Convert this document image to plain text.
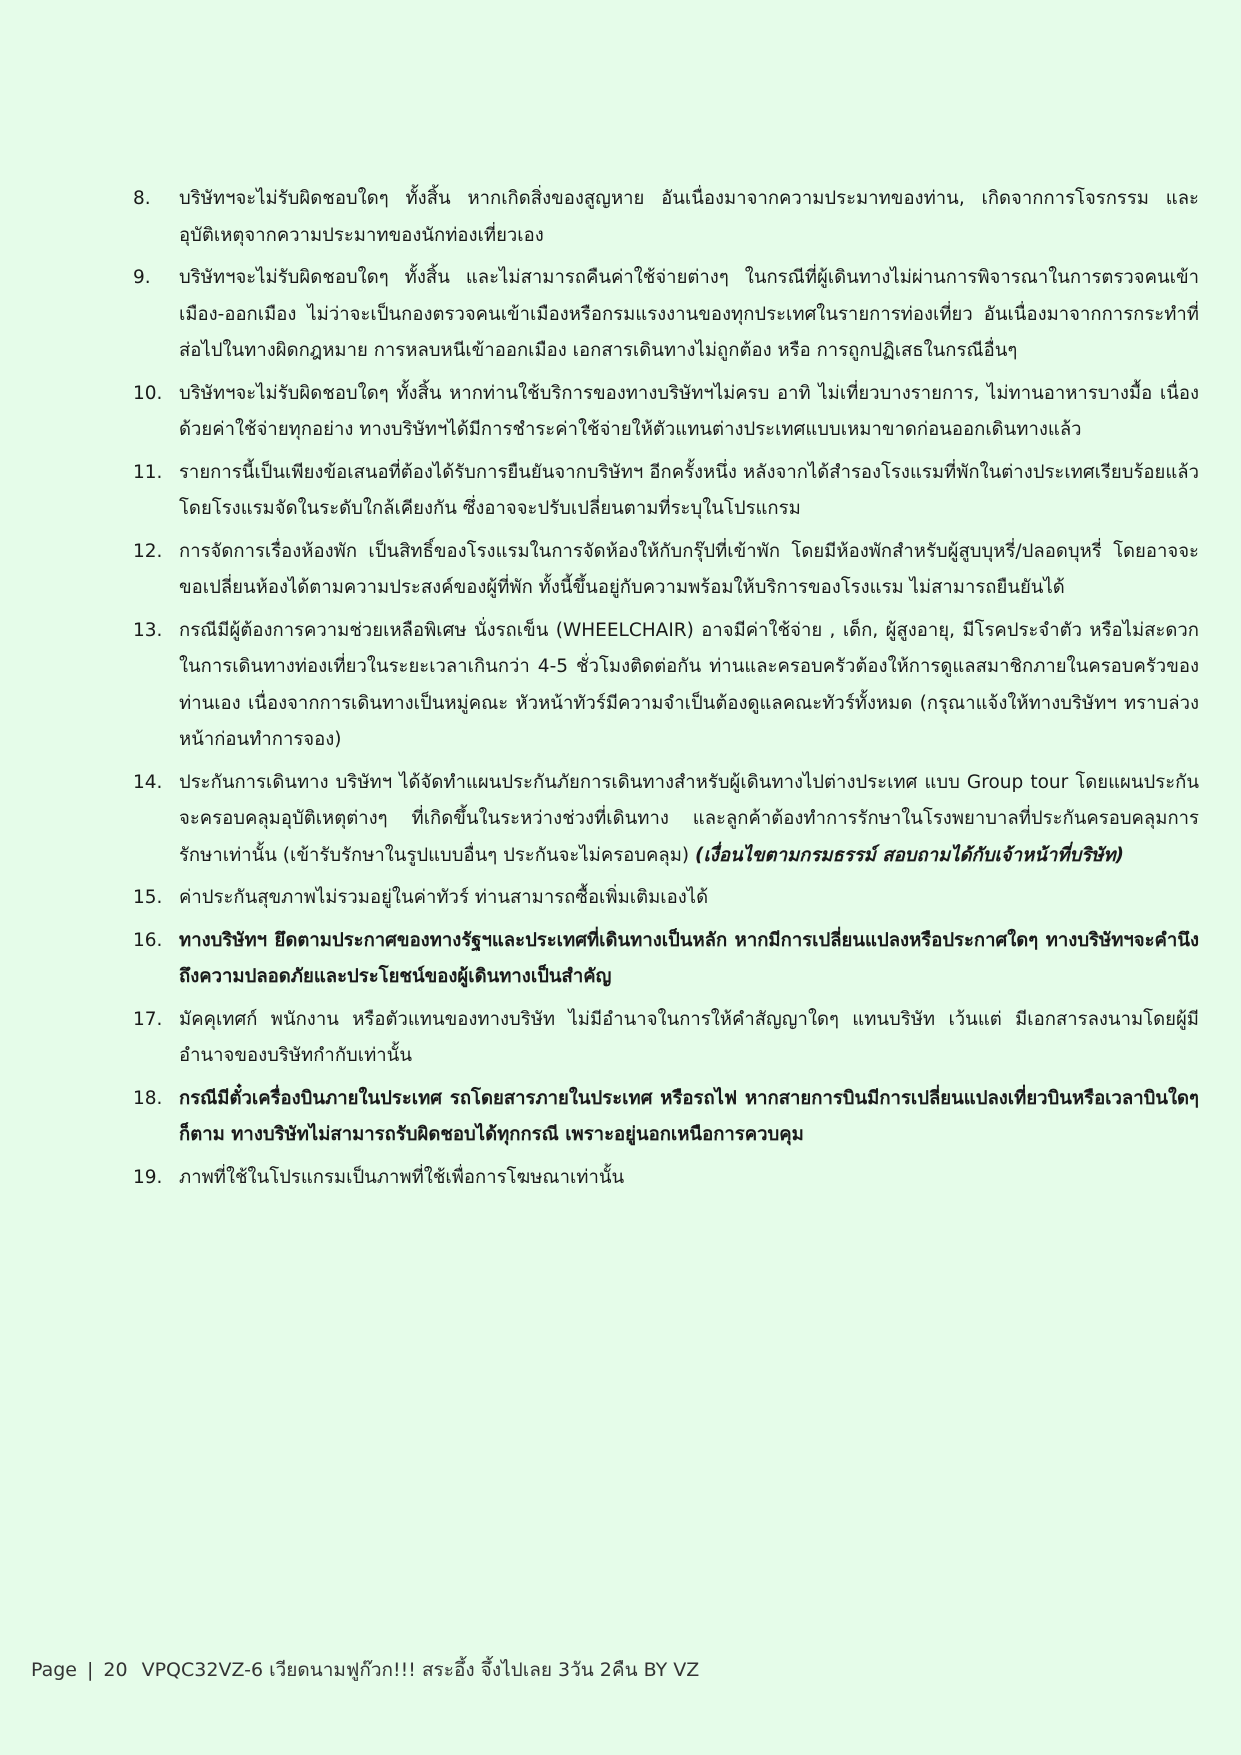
8.	บริษัทฯจะไม่รับผิดชอบใดๆ ทั้งสิ้น หากเกิดสิ่งของสูญหาย อันเนื่องมาจากความประมาทของท่าน, เกิดจากการโจรกรรม และ อุบัติเหตุจากความประมาทของนักท่องเที่ยวเอง
9.	บริษัทฯจะไม่รับผิดชอบใดๆ ทั้งสิ้น และไม่สามารถคืนค่าใช้จ่ายต่างๆ ในกรณีที่ผู้เดินทางไม่ผ่านการพิจารณาในการตรวจคนเข้าเมือง-ออกเมือง ไม่ว่าจะเป็นกองตรวจคนเข้าเมืองหรือกรมแรงงานของทุกประเทศในรายการท่องเที่ยว อันเนื่องมาจากการกระทำที่ส่อไปในทางผิดกฎหมาย การหลบหนีเข้าออกเมือง เอกสารเดินทางไม่ถูกต้อง หรือ การถูกปฏิเสธในกรณีอื่นๆ
10. บริษัทฯจะไม่รับผิดชอบใดๆ ทั้งสิ้น หากท่านใช้บริการของทางบริษัทฯไม่ครบ อาทิ ไม่เที่ยวบางรายการ, ไม่ทานอาหารบางมื้อ เนื่องด้วยค่าใช้จ่ายทุกอย่าง ทางบริษัทฯได้มีการชำระค่าใช้จ่ายให้ตัวแทนต่างประเทศแบบเหมาขาดก่อนออกเดินทางแล้ว
11. รายการนี้เป็นเพียงข้อเสนอที่ต้องได้รับการยืนยันจากบริษัทฯ อีกครั้งหนึ่ง หลังจากได้สำรองโรงแรมที่พักในต่างประเทศเรียบร้อยแล้ว โดยโรงแรมจัดในระดับใกล้เคียงกัน ซึ่งอาจจะปรับเปลี่ยนตามที่ระบุในโปรแกรม
12. การจัดการเรื่องห้องพัก เป็นสิทธิ์ของโรงแรมในการจัดห้องให้กับกรุ๊ปที่เข้าพัก โดยมีห้องพักสำหรับผู้สูบบุหรี่/ปลอดบุหรี่ โดยอาจจะขอเปลี่ยนห้องได้ตามความประสงค์ของผู้ที่พัก ทั้งนี้ขึ้นอยู่กับความพร้อมให้บริการของโรงแรม ไม่สามารถยืนยันได้
13. กรณีมีผู้ต้องการความช่วยเหลือพิเศษ นั่งรถเข็น (WHEELCHAIR) อาจมีค่าใช้จ่าย , เด็ก, ผู้สูงอายุ, มีโรคประจำตัว หรือไม่สะดวกในการเดินทางท่องเที่ยวในระยะเวลาเกินกว่า 4-5 ชั่วโมงติดต่อกัน ท่านและครอบครัวต้องให้การดูแลสมาชิกภายในครอบครัวของท่านเอง เนื่องจากการเดินทางเป็นหมู่คณะ หัวหน้าทัวร์มีความจำเป็นต้องดูแลคณะทัวร์ทั้งหมด (กรุณาแจ้งให้ทางบริษัทฯ ทราบล่วงหน้าก่อนทำการจอง)
14. ประกันการเดินทาง บริษัทฯ ได้จัดทำแผนประกันภัยการเดินทางสำหรับผู้เดินทางไปต่างประเทศ แบบ Group tour โดยแผนประกันจะครอบคลุมอุบัติเหตุต่างๆ ที่เกิดขึ้นในระหว่างช่วงที่เดินทาง และลูกค้าต้องทำการรักษาในโรงพยาบาลที่ประกันครอบคลุมการรักษาเท่านั้น (เข้ารับรักษาในรูปแบบอื่นๆ ประกันจะไม่ครอบคลุม) (เงื่อนไขตามกรมธรรม์ สอบถามได้กับเจ้าหน้าที่บริษัท)
15. ค่าประกันสุขภาพไม่รวมอยู่ในค่าทัวร์ ท่านสามารถซื้อเพิ่มเติมเองได้
16. ทางบริษัทฯ ยึดตามประกาศของทางรัฐฯและประเทศที่เดินทางเป็นหลัก หากมีการเปลี่ยนแปลงหรือประกาศใดๆ ทางบริษัทฯจะคำนึงถึงความปลอดภัยและประโยชน์ของผู้เดินทางเป็นสำคัญ
17. มัคคุเทศก์ พนักงาน หรือตัวแทนของทางบริษัท ไม่มีอำนาจในการให้คำสัญญาใดๆ แทนบริษัท เว้นแต่ มีเอกสารลงนามโดยผู้มีอำนาจของบริษัทกำกับเท่านั้น
18. กรณีมีตั๋วเครื่องบินภายในประเทศ รถโดยสารภายในประเทศ หรือรถไฟ หากสายการบินมีการเปลี่ยนแปลงเที่ยวบินหรือเวลาบินใดๆก็ตาม ทางบริษัทไม่สามารถรับผิดชอบได้ทุกกรณี เพราะอยู่นอกเหนือการควบคุม
19. ภาพที่ใช้ในโปรแกรมเป็นภาพที่ใช้เพื่อการโฆษณาเท่านั้น
Page | 20 VPQC32VZ-6 เวียดนามฟูก๊วก!!! สระอึ้ง จึ้งไปเลย 3วัน 2คืน BY VZ
